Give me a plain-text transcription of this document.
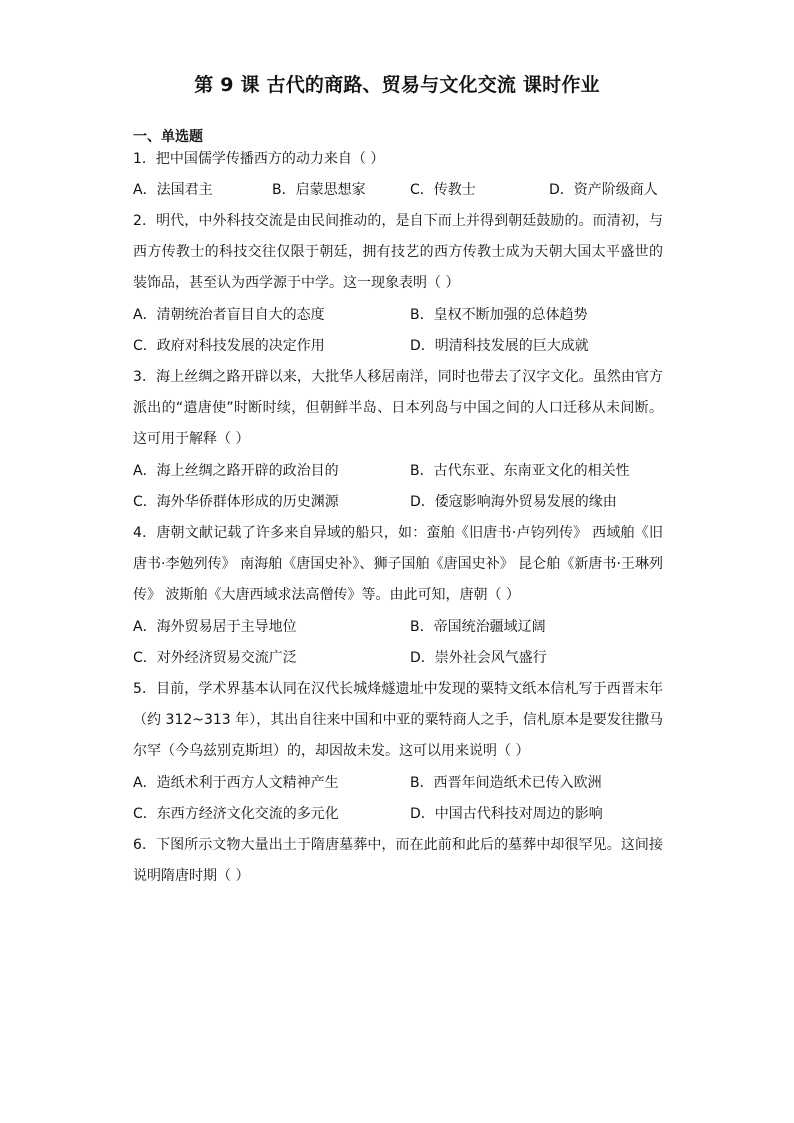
第 9 课 古代的商路、贸易与文化交流 课时作业
一、单选题
1．把中国儒学传播西方的动力来自（ ）
A．法国君主	B．启蒙思想家	C．传教士	D．资产阶级商人
2．明代，中外科技交流是由民间推动的，是自下而上并得到朝廷鼓励的。而清初，与西方传教士的科技交往仅限于朝廷，拥有技艺的西方传教士成为天朝大国太平盛世的装饰品，甚至认为西学源于中学。这一现象表明（ ）
A．清朝统治者盲目自大的态度	B．皇权不断加强的总体趋势
C．政府对科技发展的决定作用	D．明清科技发展的巨大成就
3．海上丝绸之路开辟以来，大批华人移居南洋，同时也带去了汉字文化。虽然由官方派出的“遣唐使”时断时续，但朝鲜半岛、日本列岛与中国之间的人口迁移从未间断。这可用于解释（ ）
A．海上丝绸之路开辟的政治目的	B．古代东亚、东南亚文化的相关性
C．海外华侨群体形成的历史渊源	D．倭寇影响海外贸易发展的缘由
4．唐朝文献记载了许多来自异域的船只，如：蛮舶《旧唐书·卢钧列传》 西域舶《旧唐书·李勉列传》 南海舶《唐国史补》、狮子国舶《唐国史补》 昆仑舶《新唐书·王琳列传》 波斯舶《大唐西域求法高僧传》等。由此可知，唐朝（ ）
A．海外贸易居于主导地位	B．帝国统治疆域辽阔
C．对外经济贸易交流广泛	D．崇外社会风气盛行
5．目前，学术界基本认同在汉代长城烽燧遗址中发现的粟特文纸本信札写于西晋末年（约 312~313 年），其出自往来中国和中亚的粟特商人之手，信札原本是要发往撒马尔罕（今乌兹别克斯坦）的，却因故未发。这可以用来说明（ ）
A．造纸术利于西方人文精神产生	B．西晋年间造纸术已传入欧洲
C．东西方经济文化交流的多元化	D．中国古代科技对周边的影响
6．下图所示文物大量出土于隋唐墓葬中，而在此前和此后的墓葬中却很罕见。这间接说明隋唐时期（ ）
